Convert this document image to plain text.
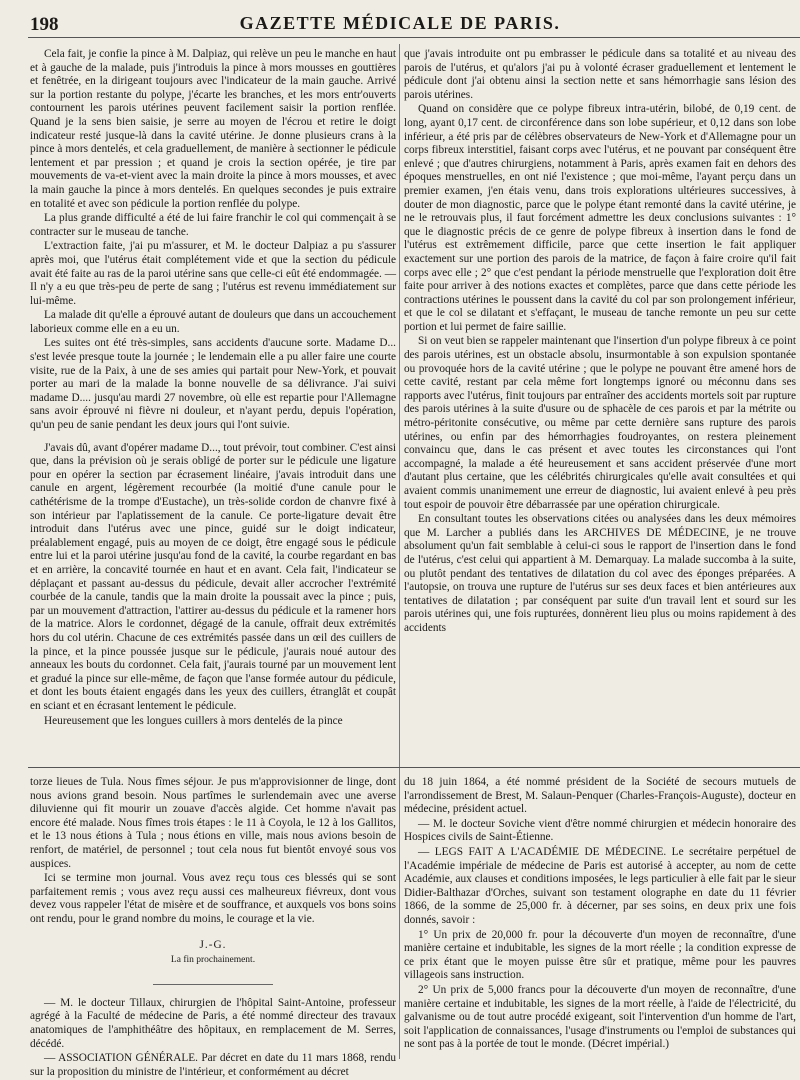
198	GAZETTE MÉDICALE DE PARIS.

Cela fait, je confie la pince à M. Dalpiaz, qui relève un peu le manche en haut et à gauche de la malade, puis j'introduis la pince à mors mousses en gouttières et fenêtrée, en la dirigeant toujours avec l'indicateur de la main gauche. Arrivé sur la portion restante du polype, j'écarte les branches, et les mors entr'ouverts contournent les parois utérines peuvent facilement saisir la portion renflée. Quand je la sens bien saisie, je serre au moyen de l'écrou et retire le doigt indicateur resté jusque-là dans la cavité utérine. Je donne plusieurs crans à la pince à mors dentelés, et cela graduellement, de manière à sectionner le pédicule lentement et par pression ; et quand je crois la section opérée, je tire par mouvements de va-et-vient avec la main droite la pince à mors mousses, et avec la main gauche la pince à mors dentelés. En quelques secondes je puis extraire en totalité et avec son pédicule la portion renflée du polype.

La plus grande difficulté a été de lui faire franchir le col qui commençait à se contracter sur le museau de tanche.

L'extraction faite, j'ai pu m'assurer, et M. le docteur Dalpiaz a pu s'assurer après moi, que l'utérus était complétement vide et que la section du pédicule avait été faite au ras de la paroi utérine sans que celle-ci eût été endommagée. — Il n'y a eu que très-peu de perte de sang ; l'utérus est revenu immédiatement sur lui-même.

La malade dit qu'elle a éprouvé autant de douleurs que dans un accouchement laborieux comme elle en a eu un.

Les suites ont été très-simples, sans accidents d'aucune sorte. Madame D... s'est levée presque toute la journée ; le lendemain elle a pu aller faire une courte visite, rue de la Paix, à une de ses amies qui partait pour New-York, et pouvait porter au mari de la malade la bonne nouvelle de sa délivrance. J'ai suivi madame D.... jusqu'au mardi 27 novembre, où elle est repartie pour l'Allemagne sans avoir éprouvé ni fièvre ni douleur, et n'ayant perdu, depuis l'opération, qu'un peu de sanie pendant les deux jours qui l'ont suivie.

J'avais dû, avant d'opérer madame D..., tout prévoir, tout combiner. C'est ainsi que, dans la prévision où je serais obligé de porter sur le pédicule une ligature pour en opérer la section par écrasement linéaire, j'avais introduit dans une canule en argent, légèrement recourbée (la moitié d'une canule pour le cathétérisme de la trompe d'Eustache), un très-solide cordon de chanvre fixé à son intérieur par l'aplatissement de la canule. Ce porte-ligature devait être introduit dans l'utérus avec une pince, guidé sur le doigt indicateur, préalablement engagé, puis au moyen de ce doigt, être engagé sous le pédicule entre lui et la paroi utérine jusqu'au fond de la cavité, la courbe regardant en bas et en arrière, la concavité tournée en haut et en avant. Cela fait, l'indicateur se déplaçant et passant au-dessus du pédicule, devait aller accrocher l'extrémité courbée de la canule, tandis que la main droite la poussait avec la pince ; puis, par un mouvement d'attraction, l'attirer au-dessus du pédicule et la ramener hors de la matrice. Alors le cordonnet, dégagé de la canule, offrait deux extrémités hors du col utérin. Chacune de ces extrémités passée dans un œil des cuillers de la pince, et la pince poussée jusque sur le pédicule, j'aurais noué autour des anneaux les bouts du cordonnet. Cela fait, j'aurais tourné par un mouvement lent et gradué la pince sur elle-même, de façon que l'anse formée autour du pédicule, et dont les bouts étaient engagés dans les yeux des cuillers, étranglât et coupât en sciant et en écrasant lentement le pédicule.

Heureusement que les longues cuillers à mors dentelés de la pince

que j'avais introduite ont pu embrasser le pédicule dans sa totalité et au niveau des parois de l'utérus, et qu'alors j'ai pu à volonté écraser graduellement et lentement le pédicule dont j'ai obtenu ainsi la section nette et sans hémorrhagie sans lésion des parois utérines.

Quand on considère que ce polype fibreux intra-utérin, bilobé, de 0,19 cent. de long, ayant 0,17 cent. de circonférence dans son lobe supérieur, et 0,12 dans son lobe inférieur, a été pris par de célèbres observateurs de New-York et d'Allemagne pour un corps fibreux interstitiel, faisant corps avec l'utérus, et ne pouvant par conséquent être enlevé ; que d'autres chirurgiens, notamment à Paris, après examen fait en dehors des époques menstruelles, en ont nié l'existence ; que moi-même, l'ayant perçu dans un premier examen, j'en étais venu, dans trois explorations ultérieures successives, à douter de mon diagnostic, parce que le polype étant remonté dans la cavité utérine, je ne le retrouvais plus, il faut forcément admettre les deux conclusions suivantes : 1° que le diagnostic précis de ce genre de polype fibreux à insertion dans le fond de l'utérus est extrêmement difficile, parce que cette insertion le fait appliquer exactement sur une portion des parois de la matrice, de façon à faire croire qu'il fait corps avec elle ; 2° que c'est pendant la période menstruelle que l'exploration doit être faite pour arriver à des notions exactes et complètes, parce que dans cette période les contractions utérines le poussent dans la cavité du col par son prolongement inférieur, et que le col se dilatant et s'effaçant, le museau de tanche remonte un peu sur cette portion et lui permet de faire saillie.

Si on veut bien se rappeler maintenant que l'insertion d'un polype fibreux à ce point des parois utérines, est un obstacle absolu, insurmontable à son expulsion spontanée ou provoquée hors de la cavité utérine ; que le polype ne pouvant être amené hors de cette cavité, restant par cela même fort longtemps ignoré ou méconnu dans ses rapports avec l'utérus, finit toujours par entraîner des accidents mortels soit par rupture des parois utérines à la suite d'usure ou de sphacèle de ces parois et par la métrite ou métro-péritonite consécutive, ou même par cette dernière sans rupture des parois utérines, ou enfin par des hémorrhagies foudroyantes, on restera pleinement convaincu que, dans le cas présent et avec toutes les circonstances qui l'ont accompagné, la malade a été heureusement et sans accident préservée d'une mort d'autant plus certaine, que les célébrités chirurgicales qu'elle avait consultées et qui avaient commis unanimement une erreur de diagnostic, lui avaient enlevé à peu près tout espoir de pouvoir être débarrassée par une opération chirurgicale.

En consultant toutes les observations citées ou analysées dans les deux mémoires que M. Larcher a publiés dans les ARCHIVES DE MÉDECINE, je ne trouve absolument qu'un fait semblable à celui-ci sous le rapport de l'insertion dans le fond de l'utérus, c'est celui qui appartient à M. Demarquay. La malade succomba à la suite, ou plutôt pendant des tentatives de dilatation du col avec des éponges préparées. A l'autopsie, on trouva une rupture de l'utérus sur ses deux faces et bien antérieures aux tentatives de dilatation ; par conséquent par suite d'un travail lent et sourd sur les parois utérines qui, une fois rupturées, donnèrent lieu plus ou moins rapidement à des accidents

torze lieues de Tula. Nous fîmes séjour. Je pus m'approvisionner de linge, dont nous avions grand besoin. Nous partîmes le surlendemain avec une averse diluvienne qui fit mourir un zouave d'accès algide. Cet homme n'avait pas encore été malade. Nous fîmes trois étapes : le 11 à Coyola, le 12 à los Gallitos, et le 13 nous étions à Tula ; nous étions en ville, mais nous avions besoin de renfort, de matériel, de personnel ; tout cela nous fut bientôt envoyé sous vos auspices.

Ici se termine mon journal. Vous avez reçu tous ces blessés qui se sont parfaitement remis ; vous avez reçu aussi ces malheureux fiévreux, dont vous devez vous rappeler l'état de misère et de souffrance, et auxquels vos bons soins ont rendu, pour le grand nombre du moins, le courage et la vie.

J.-G.

La fin prochainement.

— M. le docteur Tillaux, chirurgien de l'hôpital Saint-Antoine, professeur agrégé à la Faculté de médecine de Paris, a été nommé directeur des travaux anatomiques de l'amphithéâtre des hôpitaux, en remplacement de M. Serres, décédé.

— ASSOCIATION GÉNÉRALE. Par décret en date du 11 mars 1868, rendu sur la proposition du ministre de l'intérieur, et conformément au décret

du 18 juin 1864, a été nommé président de la Société de secours mutuels de l'arrondissement de Brest, M. Salaun-Penquer (Charles-François-Auguste), docteur en médecine, président actuel.

— M. le docteur Soviche vient d'être nommé chirurgien et médecin honoraire des Hospices civils de Saint-Étienne.

— LEGS FAIT A L'ACADÉMIE DE MÉDECINE. Le secrétaire perpétuel de l'Académie impériale de médecine de Paris est autorisé à accepter, au nom de cette Académie, aux clauses et conditions imposées, le legs particulier à elle fait par le sieur Didier-Balthazar d'Orches, suivant son testament olographe en date du 11 février 1866, de la somme de 25,000 fr. à décerner, par ses soins, en deux prix une fois donnés, savoir :

1° Un prix de 20,000 fr. pour la découverte d'un moyen de reconnaître, d'une manière certaine et indubitable, les signes de la mort réelle ; la condition expresse de ce prix étant que le moyen puisse être sûr et pratique, même pour les pauvres villageois sans instruction.

2° Un prix de 5,000 francs pour la découverte d'un moyen de reconnaître, d'une manière certaine et indubitable, les signes de la mort réelle, à l'aide de l'électricité, du galvanisme ou de tout autre procédé exigeant, soit l'intervention d'un homme de l'art, soit l'application de connaissances, l'usage d'instruments ou l'emploi de substances qui ne sont pas à la portée de tout le monde. (Décret impérial.)
